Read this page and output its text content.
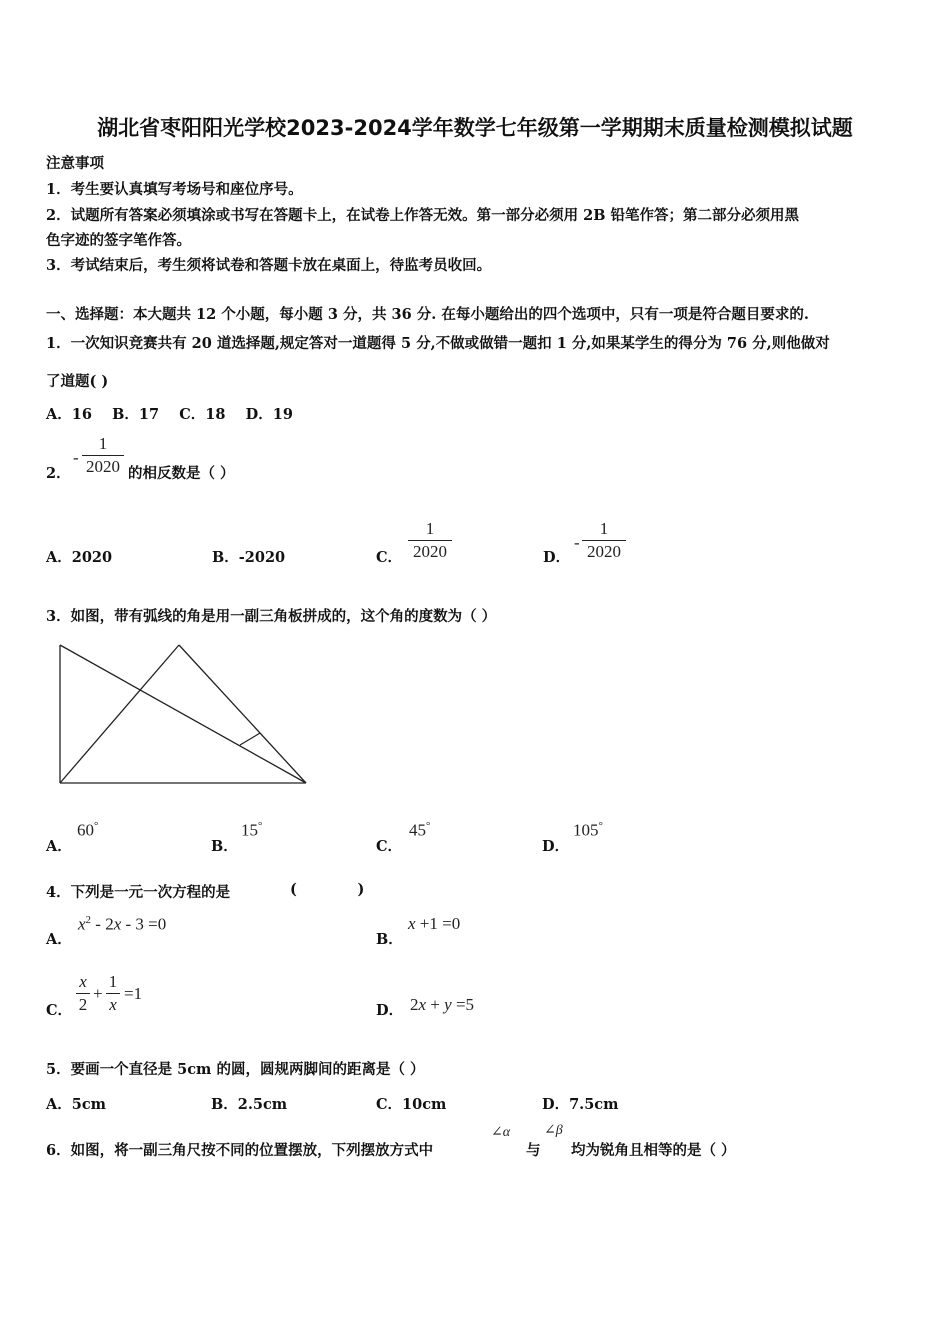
湖北省枣阳阳光学校2023-2024学年数学七年级第一学期期末质量检测模拟试题
注意事项
1．考生要认真填写考场号和座位序号。
2．试题所有答案必须填涂或书写在答题卡上，在试卷上作答无效。第一部分必须用 2B 铅笔作答；第二部分必须用黑
色字迹的签字笔作答。
3．考试结束后，考生须将试卷和答题卡放在桌面上，待监考员收回。
一、选择题：本大题共 12 个小题，每小题 3 分，共 36 分. 在每小题给出的四个选项中，只有一项是符合题目要求的.
1．一次知识竞赛共有 20 道选择题,规定答对一道题得 5 分,不做或做错一题扣 1 分,如果某学生的得分为 76 分,则他做对
了道题( )
A．16    B．17    C．18    D．19
2．
-
1
2020 的相反数是（ ）
A．2020	B．-2020	C．
1
2020	D．
-
1
2020
3．如图，带有弧线的角是用一副三角板拼成的，这个角的度数为（ ）
A．
60°
B．
15°
C．
45°
D．
105°
4．下列是一元一次方程的是	(            )
A．
$x^2 - 2x - 3 =0$
B．
x +1 =0
C．
x
2
+
1
x
=1
D． 2x + y =5
5．要画一个直径是 5cm 的圆，圆规两脚间的距离是（ ）
A．5cm	B．2.5cm	C．10cm	D．7.5cm
6．如图，将一副三角尺按不同的位置摆放，下列摆放方式中
∠α
与
∠β
均为锐角且相等的是（ ）
